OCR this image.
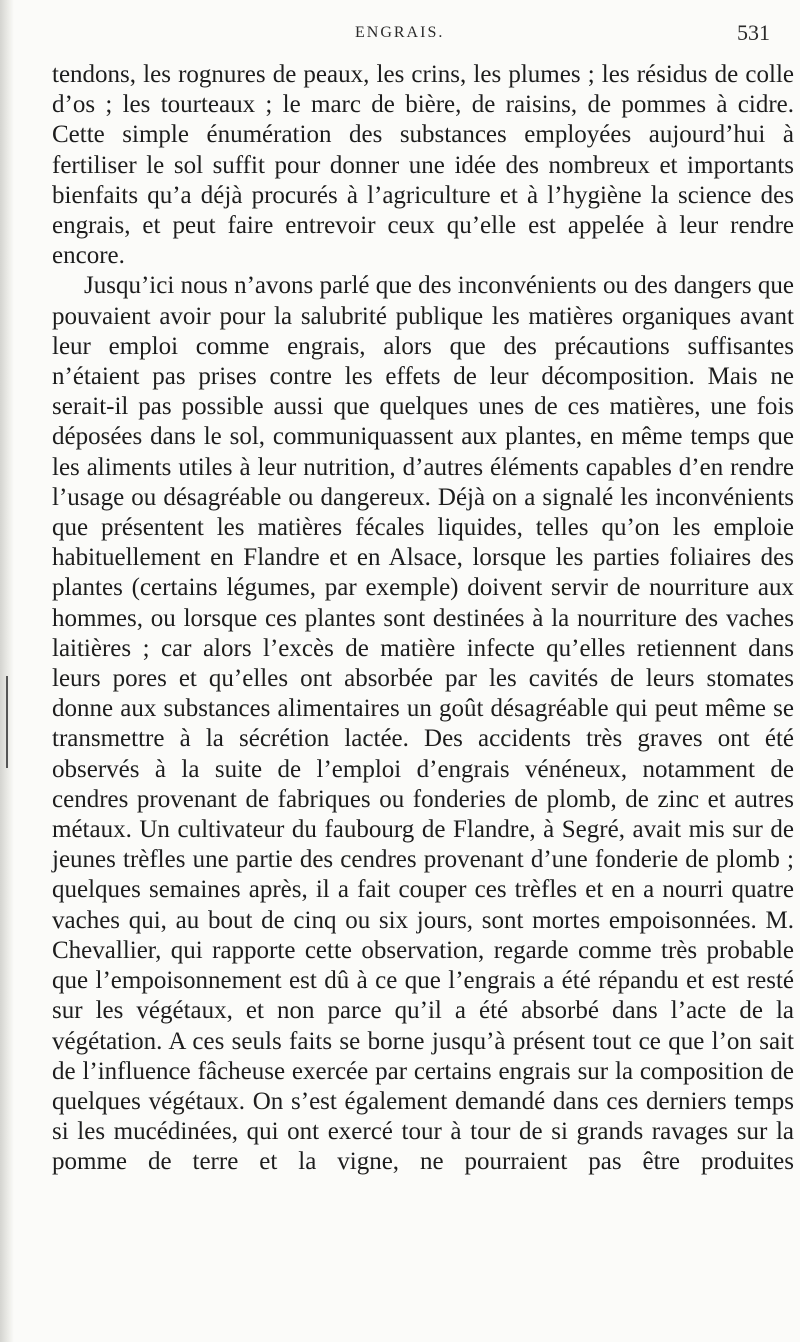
ENGRAIS.	531

tendons, les rognures de peaux, les crins, les plumes ; les résidus de colle d’os ; les tourteaux ; le marc de bière, de raisins, de pommes à cidre. Cette simple énumération des substances employées aujourd’hui à fertiliser le sol suffit pour donner une idée des nombreux et importants bienfaits qu’a déjà procurés à l’agriculture et à l’hygiène la science des engrais, et peut faire entrevoir ceux qu’elle est appelée à leur rendre encore.

Jusqu’ici nous n’avons parlé que des inconvénients ou des dangers que pouvaient avoir pour la salubrité publique les matières organiques avant leur emploi comme engrais, alors que des précautions suffisantes n’étaient pas prises contre les effets de leur décomposition. Mais ne serait-il pas possible aussi que quelques unes de ces matières, une fois déposées dans le sol, communiquassent aux plantes, en même temps que les aliments utiles à leur nutrition, d’autres éléments capables d’en rendre l’usage ou désagréable ou dangereux. Déjà on a signalé les inconvénients que présentent les matières fécales liquides, telles qu’on les emploie habituellement en Flandre et en Alsace, lorsque les parties foliaires des plantes (certains légumes, par exemple) doivent servir de nourriture aux hommes, ou lorsque ces plantes sont destinées à la nourriture des vaches laitières ; car alors l’excès de matière infecte qu’elles retiennent dans leurs pores et qu’elles ont absorbée par les cavités de leurs stomates donne aux substances alimentaires un goût désagréable qui peut même se transmettre à la sécrétion lactée. Des accidents très graves ont été observés à la suite de l’emploi d’engrais vénéneux, notamment de cendres provenant de fabriques ou fonderies de plomb, de zinc et autres métaux. Un cultivateur du faubourg de Flandre, à Segré, avait mis sur de jeunes trèfles une partie des cendres provenant d’une fonderie de plomb ; quelques semaines après, il a fait couper ces trèfles et en a nourri quatre vaches qui, au bout de cinq ou six jours, sont mortes empoisonnées. M. Chevallier, qui rapporte cette observation, regarde comme très probable que l’empoisonnement est dû à ce que l’engrais a été répandu et est resté sur les végétaux, et non parce qu’il a été absorbé dans l’acte de la végétation. A ces seuls faits se borne jusqu’à présent tout ce que l’on sait de l’influence fâcheuse exercée par certains engrais sur la composition de quelques végétaux. On s’est également demandé dans ces derniers temps si les mucédinées, qui ont exercé tour à tour de si grands ravages sur la pomme de terre et la vigne, ne pourraient pas être produites
